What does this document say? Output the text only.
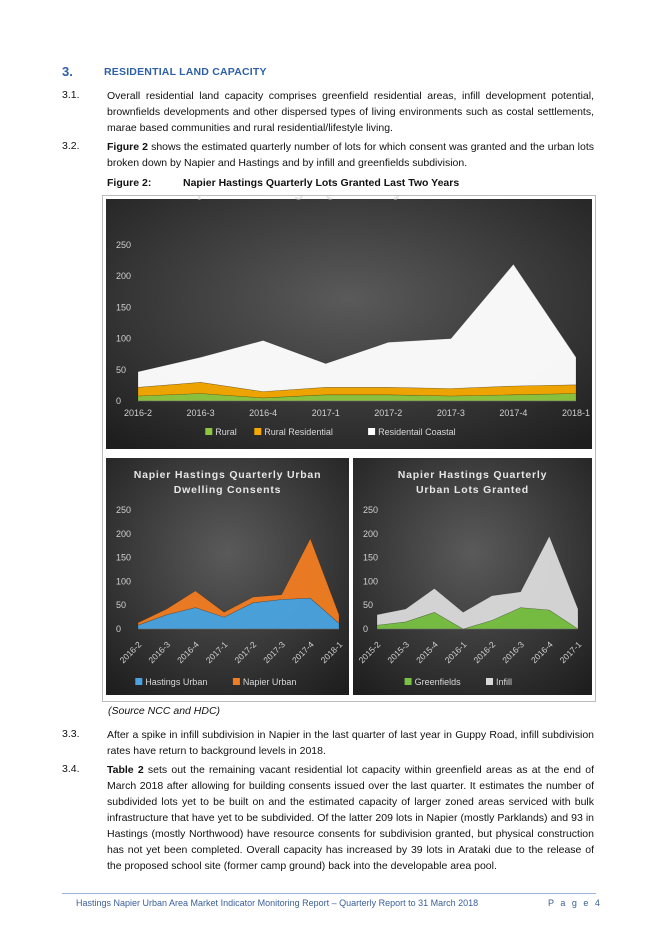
3.	RESIDENTIAL LAND CAPACITY
3.1.	Overall residential land capacity comprises greenfield residential areas, infill development potential, brownfields developments and other dispersed types of living environments such as costal settlements, marae based communities and rural residential/lifestyle living.
3.2.	Figure 2 shows the estimated quarterly number of lots for which consent was granted and the urban lots broken down by Napier and Hastings and by infill and greenfields subdivision.
Figure 2:	Napier Hastings Quarterly Lots Granted Last Two Years
250
200
150
100
50
0
2016-2	2016-3	2016-4	2017-1	2017-2	2017-3	2017-4	2018-1
Rural	Rural Residential	Residentail Coastal
Napier Hastings Quarterly Urban
Dwelling Consents
250
200
150
100
50
0
2016-2 2016-3 2016-4 2017-1 2017-2 2017-3 2017-4 2018-1
Hastings Urban	Napier Urban
Napier Hastings Quarterly
Urban Lots Granted
250
200
150
100
50
0
2015-2 2015-3 2015-4 2016-1 2016-2 2016-3 2016-4 2017-1
Greenfields	Infill
(Source NCC and HDC)
3.3.	After a spike in infill subdivision in Napier in the last quarter of last year in Guppy Road, infill subdivision rates have return to background levels in 2018.
3.4.	Table 2 sets out the remaining vacant residential lot capacity within greenfield areas as at the end of March 2018 after allowing for building consents issued over the last quarter. It estimates the number of subdivided lots yet to be built on and the estimated capacity of larger zoned areas serviced with bulk infrastructure that have yet to be subdivided. Of the latter 209 lots in Napier (mostly Parklands) and 93 in Hastings (mostly Northwood) have resource consents for subdivision granted, but physical construction has not yet been completed. Overall capacity has increased by 39 lots in Arataki due to the release of the proposed school site (former camp ground) back into the developable area pool.
Hastings Napier Urban Area Market Indicator Monitoring Report – Quarterly Report to 31 March 2018	P a g e 4
